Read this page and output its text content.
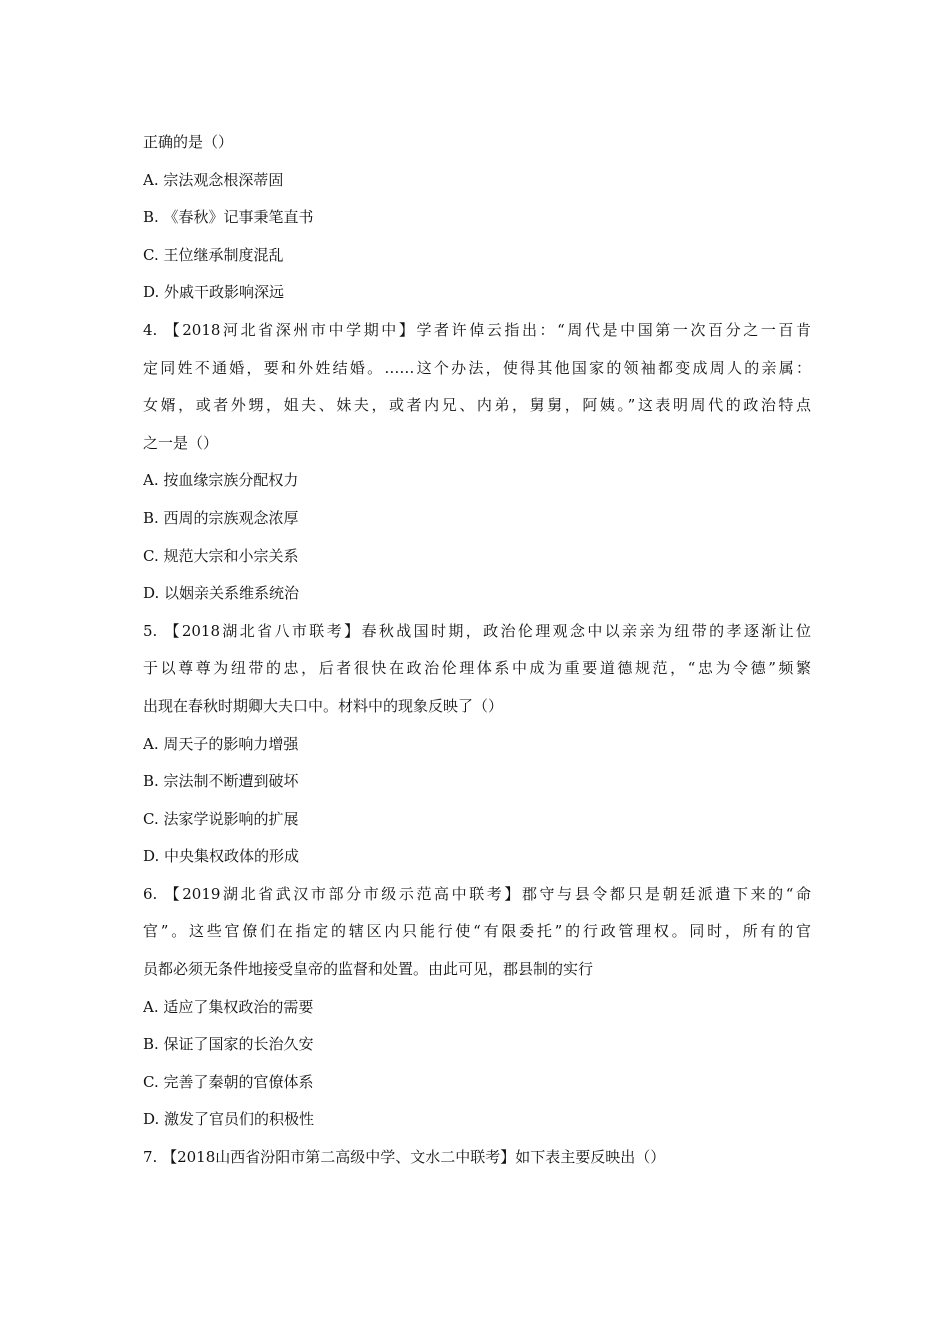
正确的是（）
A. 宗法观念根深蒂固
B. 《春秋》记事秉笔直书
C. 王位继承制度混乱
D. 外戚干政影响深远
4. 【2018河北省深州市中学期中】学者许倬云指出：“周代是中国第一次百分之一百肯
定同姓不通婚，要和外姓结婚。……这个办法，使得其他国家的领袖都变成周人的亲属：
女婿，或者外甥，姐夫、妹夫，或者内兄、内弟，舅舅，阿姨。”这表明周代的政治特点
之一是（）
A. 按血缘宗族分配权力
B. 西周的宗族观念浓厚
C. 规范大宗和小宗关系
D. 以姻亲关系维系统治
5. 【2018湖北省八市联考】春秋战国时期，政治伦理观念中以亲亲为纽带的孝逐渐让位
于以尊尊为纽带的忠，后者很快在政治伦理体系中成为重要道德规范，“忠为令德”频繁
出现在春秋时期卿大夫口中。材料中的现象反映了（）
A. 周天子的影响力增强
B. 宗法制不断遭到破坏
C. 法家学说影响的扩展
D. 中央集权政体的形成
6. 【2019湖北省武汉市部分市级示范高中联考】郡守与县令都只是朝廷派遣下来的“命
官”。这些官僚们在指定的辖区内只能行使“有限委托”的行政管理权。同时，所有的官
员都必须无条件地接受皇帝的监督和处置。由此可见，郡县制的实行
A. 适应了集权政治的需要
B. 保证了国家的长治久安
C. 完善了秦朝的官僚体系
D. 激发了官员们的积极性
7. 【2018山西省汾阳市第二高级中学、文水二中联考】如下表主要反映出（）
